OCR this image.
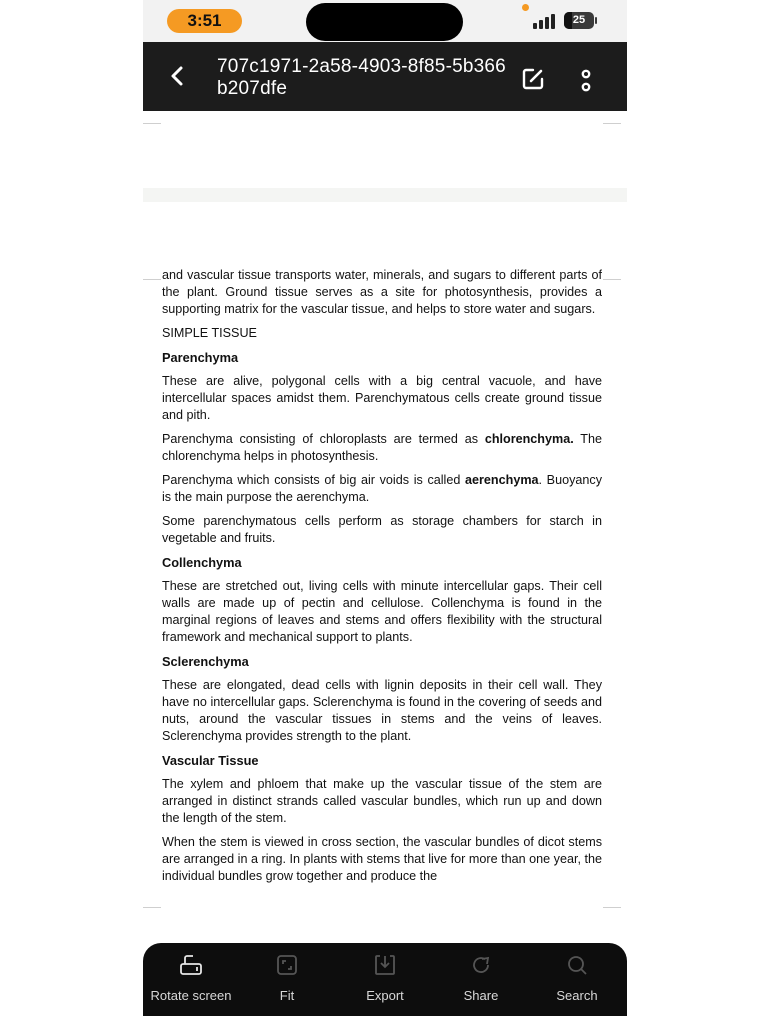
3:51	25
707c1971-2a58-4903-8f85-5b366b207dfe

and vascular tissue transports water, minerals, and sugars to different parts of the plant. Ground tissue serves as a site for photosynthesis, provides a supporting matrix for the vascular tissue, and helps to store water and sugars.

SIMPLE TISSUE
Parenchyma

These are alive, polygonal cells with a big central vacuole, and have intercellular spaces amidst them. Parenchymatous cells create ground tissue and pith.

Parenchyma consisting of chloroplasts are termed as chlorenchyma. The chlorenchyma helps in photosynthesis.

Parenchyma which consists of big air voids is called aerenchyma. Buoyancy is the main purpose the aerenchyma.

Some parenchymatous cells perform as storage chambers for starch in vegetable and fruits.

Collenchyma

These are stretched out, living cells with minute intercellular gaps. Their cell walls are made up of pectin and cellulose. Collenchyma is found in the marginal regions of leaves and stems and offers flexibility with the structural framework and mechanical support to plants.

Sclerenchyma

These are elongated, dead cells with lignin deposits in their cell wall. They have no intercellular gaps. Sclerenchyma is found in the covering of seeds and nuts, around the vascular tissues in stems and the veins of leaves. Sclerenchyma provides strength to the plant.

Vascular Tissue

The xylem and phloem that make up the vascular tissue of the stem are arranged in distinct strands called vascular bundles, which run up and down the length of the stem.

When the stem is viewed in cross section, the vascular bundles of dicot stems are arranged in a ring. In plants with stems that live for more than one year, the individual bundles grow together and produce the

Rotate screen	Fit	Export	Share	Search
